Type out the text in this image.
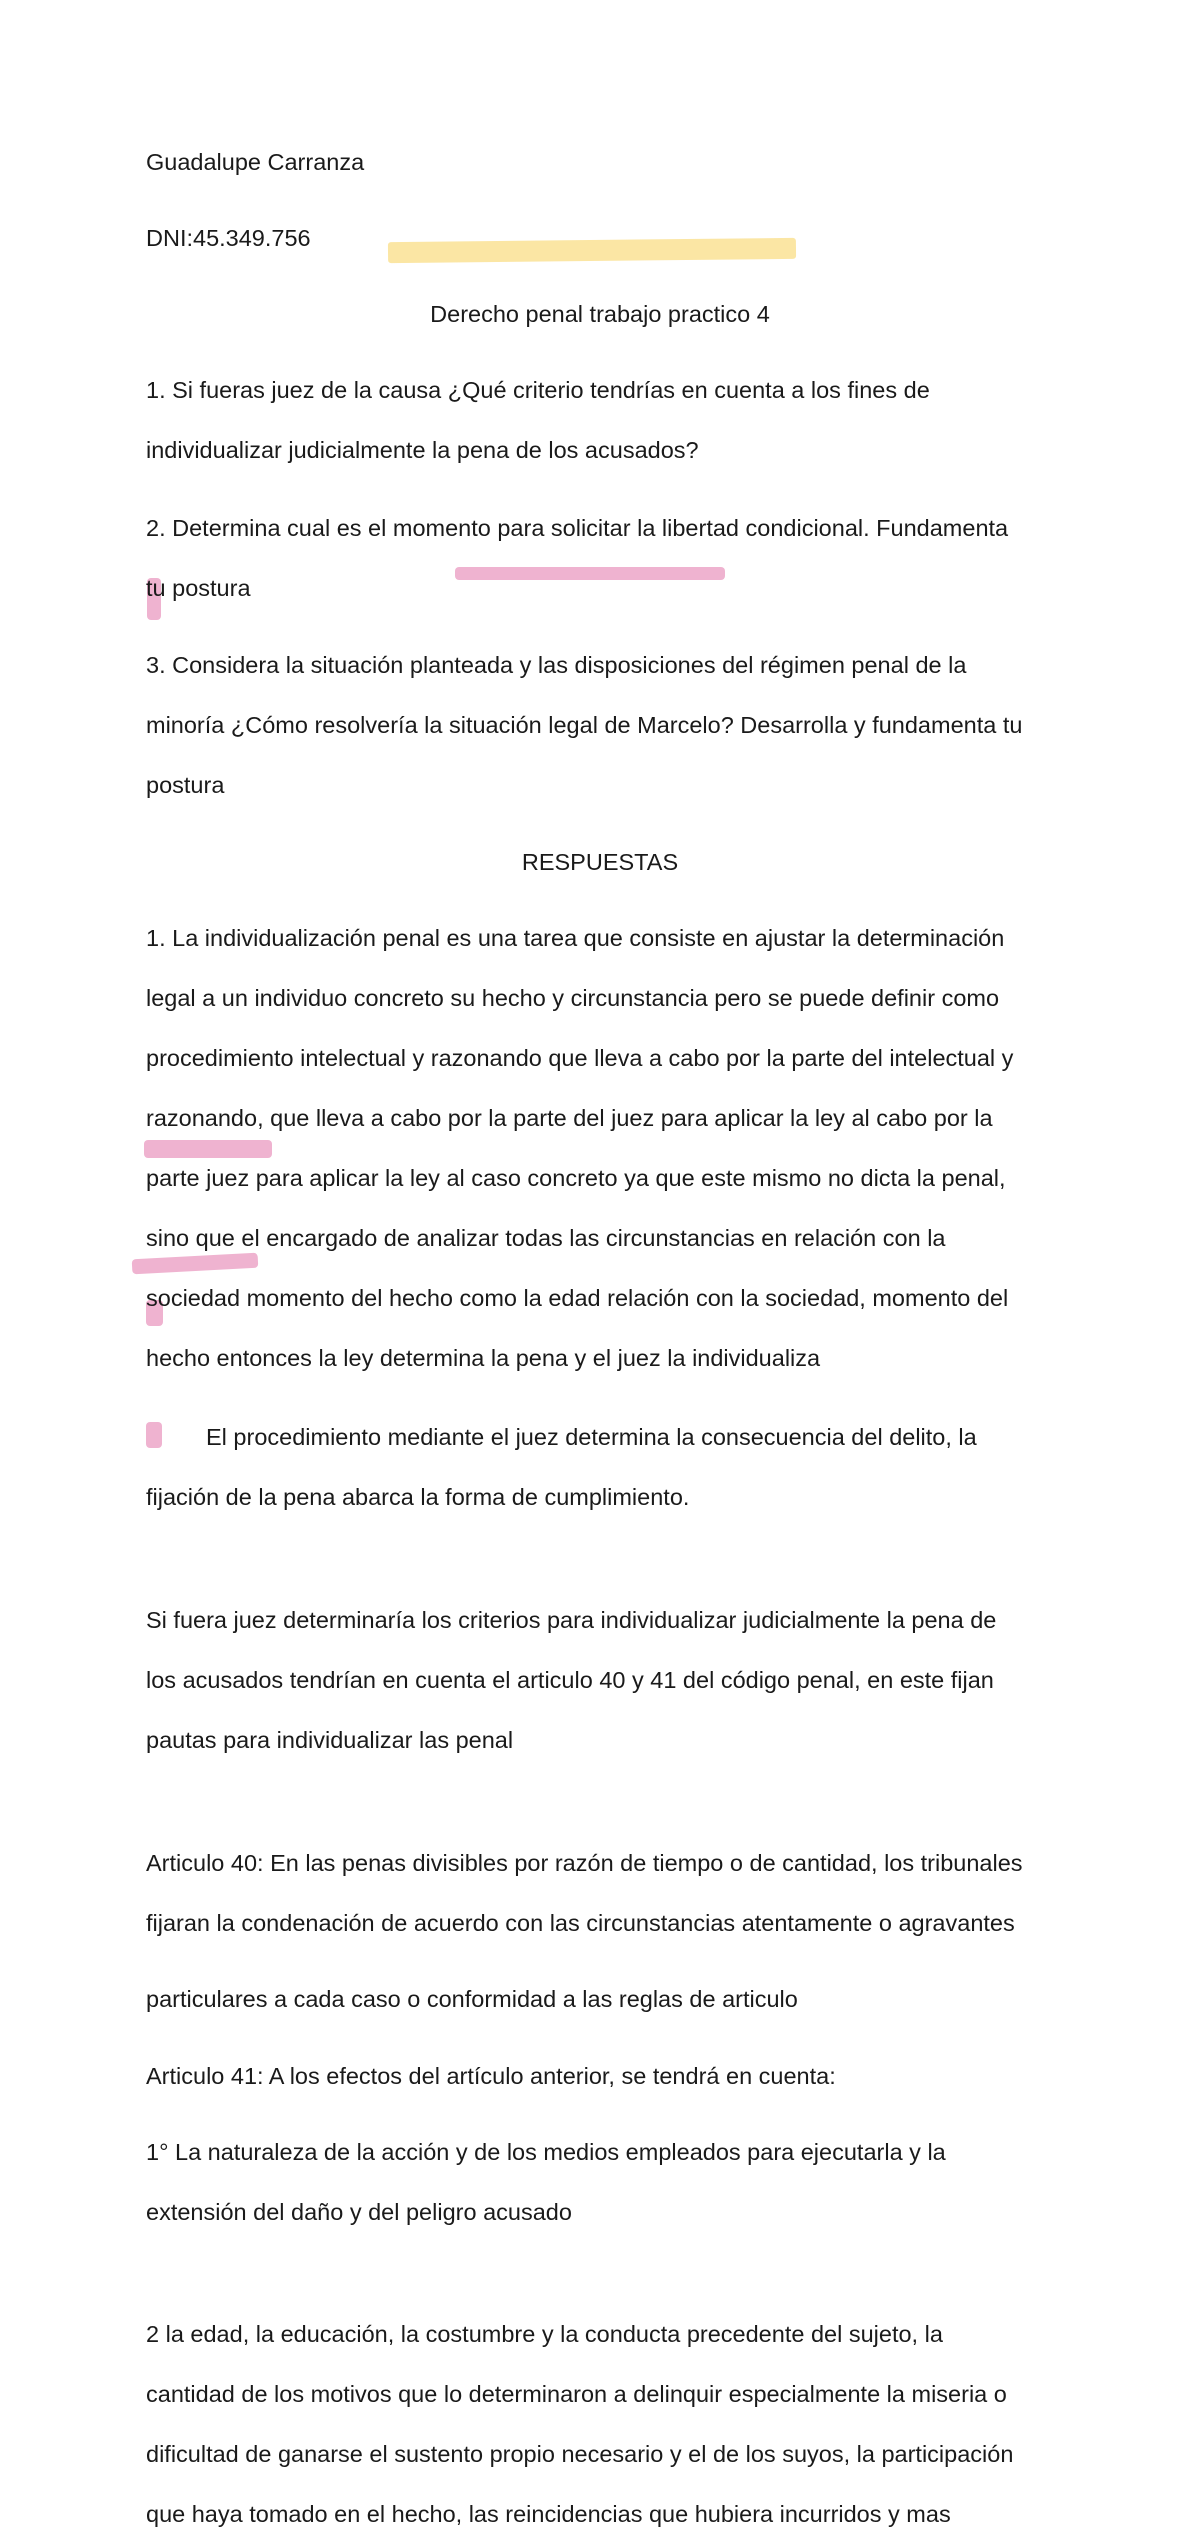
Guadalupe Carranza

DNI:45.349.756

Derecho penal trabajo practico 4

1. Si fueras juez de la causa ¿Qué criterio tendrías en cuenta a los fines de

individualizar judicialmente la pena de los acusados?

2. Determina cual es el momento para solicitar la libertad condicional. Fundamenta

tu postura

3. Considera la situación planteada y las disposiciones del régimen penal de la

minoría ¿Cómo resolvería la situación legal de Marcelo? Desarrolla y fundamenta tu

postura

RESPUESTAS

1. La individualización penal es una tarea que consiste en ajustar la determinación

legal a un individuo concreto su hecho y circunstancia pero se puede definir como

procedimiento intelectual y razonando que lleva a cabo por la parte del intelectual y

razonando, que lleva a cabo por la parte del juez para aplicar la ley al cabo por la

parte juez para aplicar la ley al caso concreto ya que este mismo no dicta la penal,

sino que el encargado de analizar todas las circunstancias en relación con la

sociedad momento del hecho como la edad relación con la sociedad, momento del

hecho entonces la ley determina la pena y el juez la individualiza

El procedimiento mediante el juez determina la consecuencia del delito, la

fijación de la pena abarca la forma de cumplimiento.

Si fuera juez determinaría los criterios para individualizar judicialmente la pena de

los acusados tendrían en cuenta el articulo 40 y 41 del código penal, en este fijan

pautas para individualizar las penal

Articulo 40: En las penas divisibles por razón de tiempo o de cantidad, los tribunales

fijaran la condenación de acuerdo con las circunstancias atentamente o agravantes

particulares a cada caso o conformidad a las reglas de articulo

Articulo 41: A los efectos del artículo anterior, se tendrá en cuenta:

1° La naturaleza de la acción y de los medios empleados para ejecutarla y la

extensión del daño y del peligro acusado

2 la edad, la educación, la costumbre y la conducta precedente del sujeto, la

cantidad de los motivos que lo determinaron a delinquir especialmente la miseria o

dificultad de ganarse el sustento propio necesario y el de los suyos, la participación

que haya tomado en el hecho, las reincidencias que hubiera incurridos y mas
